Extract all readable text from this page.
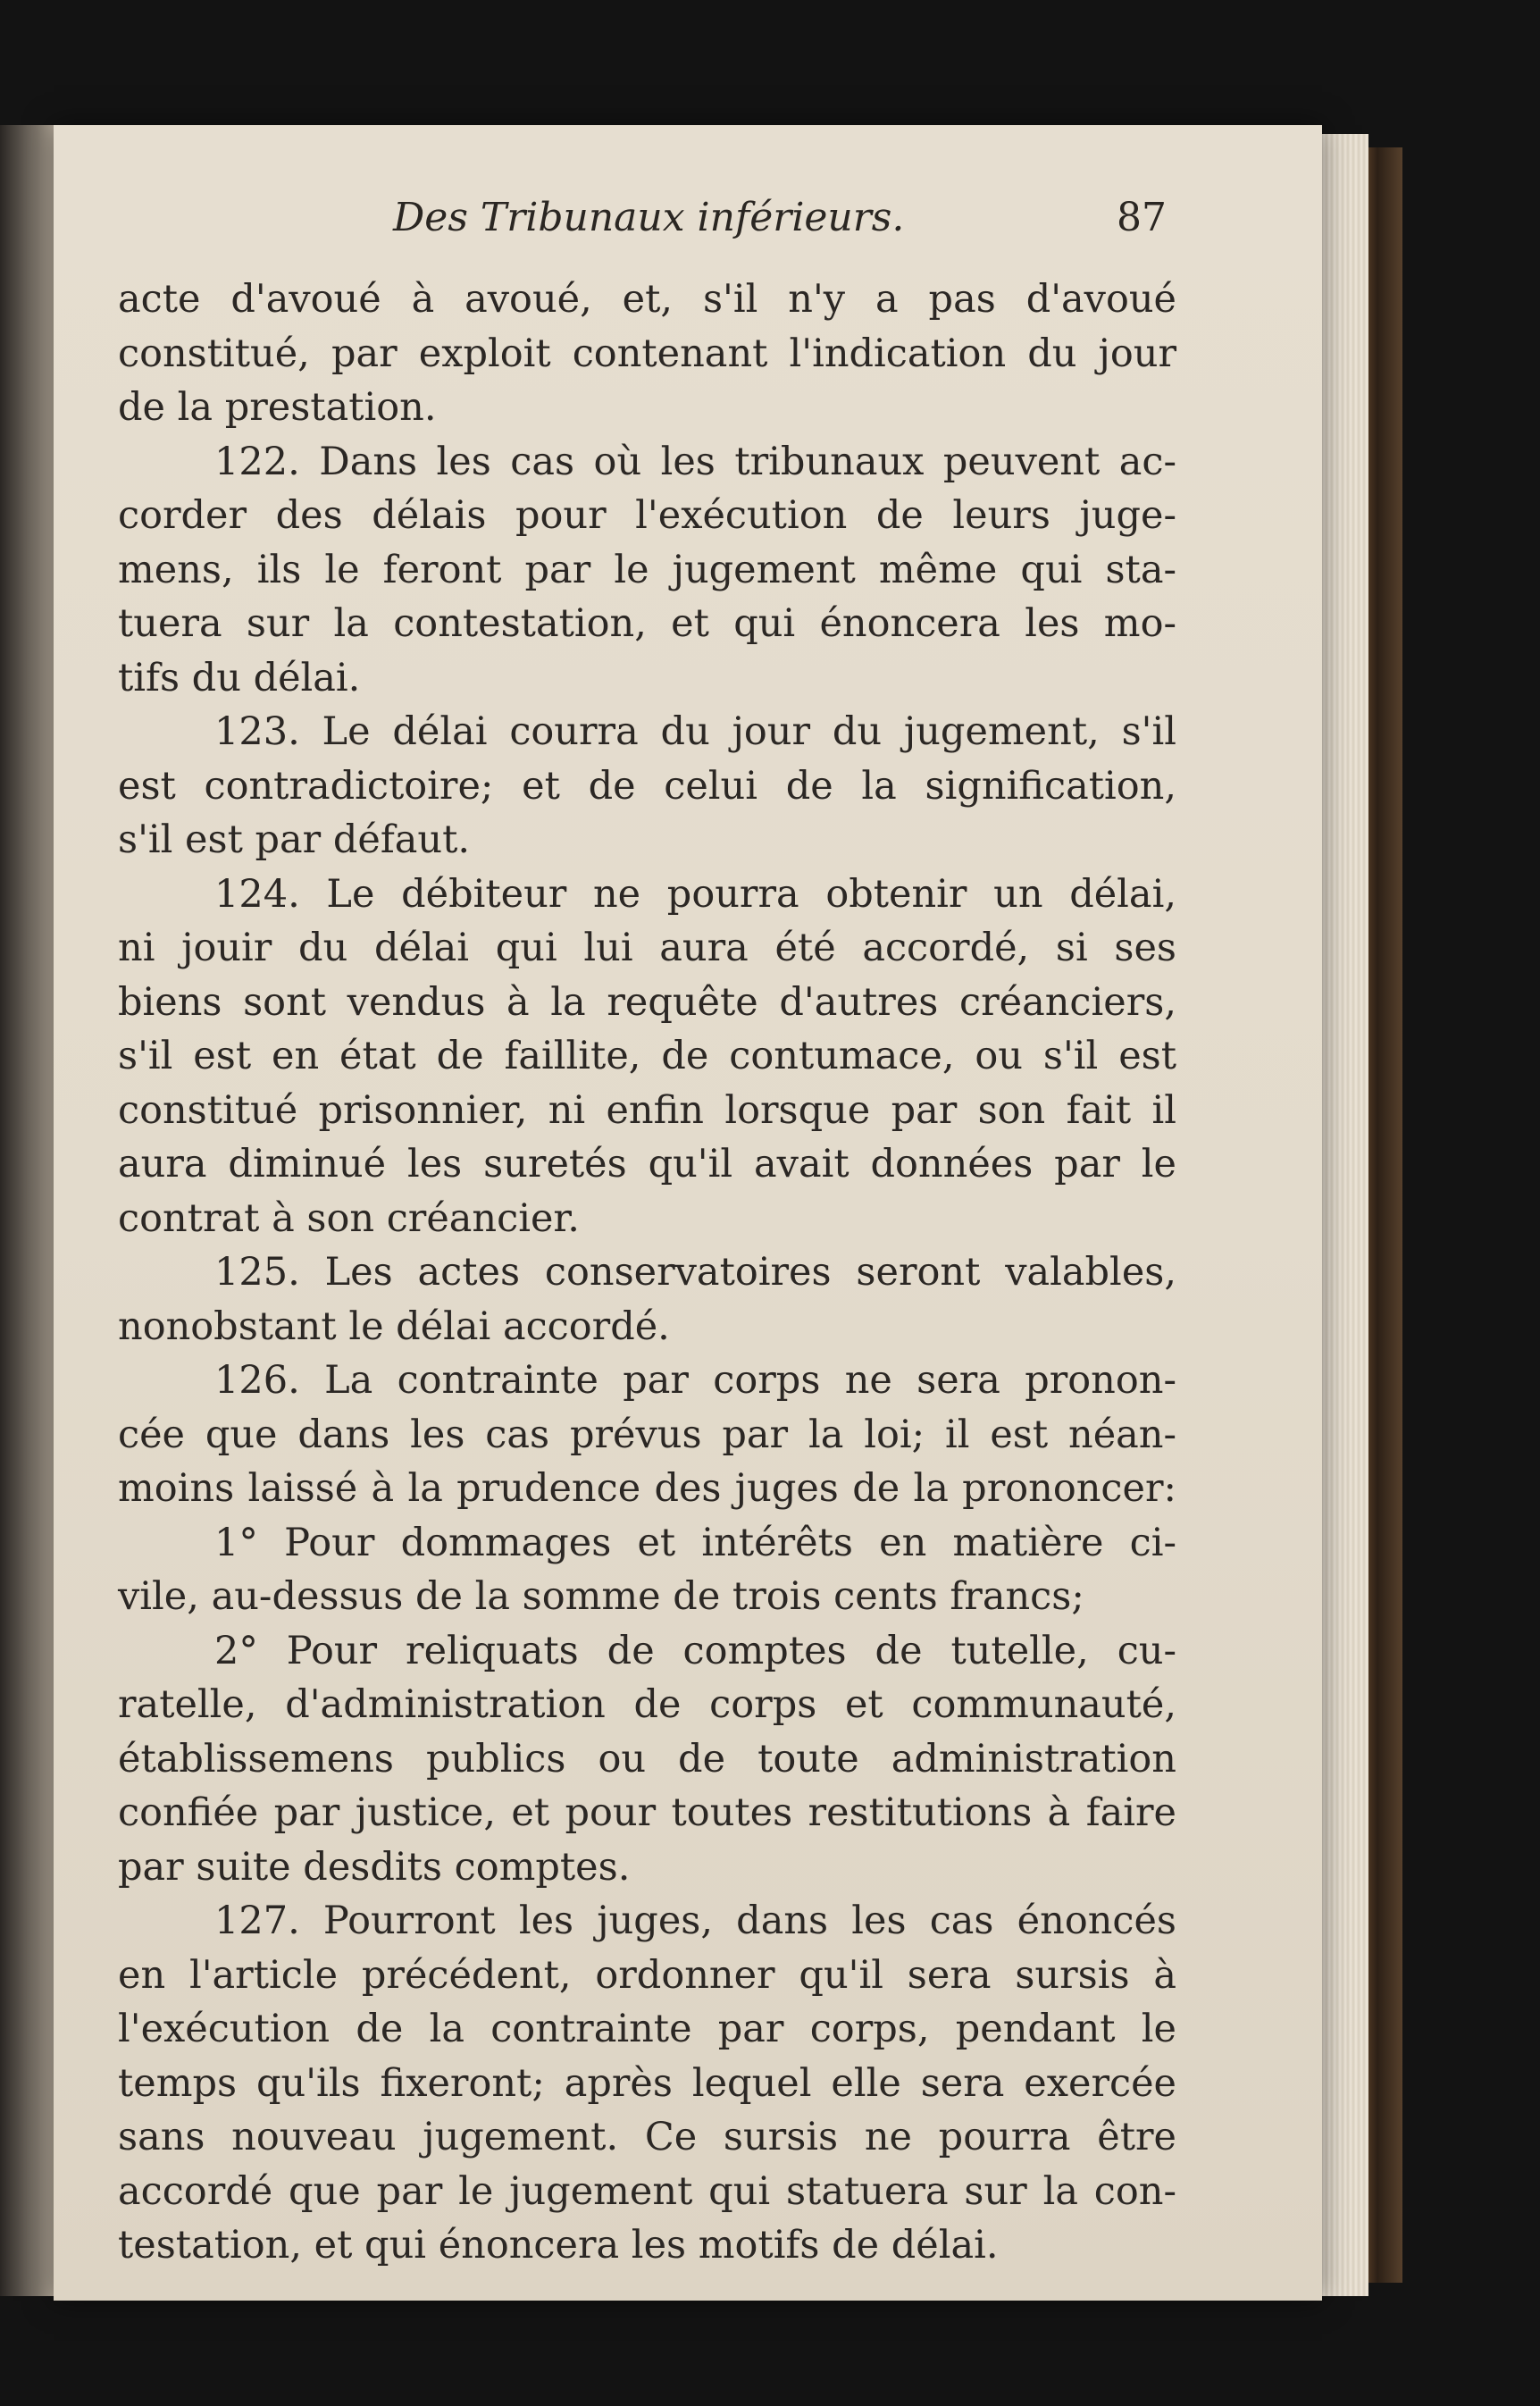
Des Tribunaux inférieurs.	87
acte d'avoué à avoué, et, s'il n'y a pas d'avoué
constitué, par exploit contenant l'indication du jour
de la prestation.
122. Dans les cas où les tribunaux peuvent ac-
corder des délais pour l'exécution de leurs juge-
mens, ils le feront par le jugement même qui sta-
tuera sur la contestation, et qui énoncera les mo-
tifs du délai.
123. Le délai courra du jour du jugement, s'il
est contradictoire; et de celui de la signification,
s'il est par défaut.
124. Le débiteur ne pourra obtenir un délai,
ni jouir du délai qui lui aura été accordé, si ses
biens sont vendus à la requête d'autres créanciers,
s'il est en état de faillite, de contumace, ou s'il est
constitué prisonnier, ni enfin lorsque par son fait il
aura diminué les suretés qu'il avait données par le
contrat à son créancier.
125. Les actes conservatoires seront valables,
nonobstant le délai accordé.
126. La contrainte par corps ne sera pronon-
cée que dans les cas prévus par la loi; il est néan-
moins laissé à la prudence des juges de la prononcer:
1° Pour dommages et intérêts en matière ci-
vile, au-dessus de la somme de trois cents francs;
2° Pour reliquats de comptes de tutelle, cu-
ratelle, d'administration de corps et communauté,
établissemens publics ou de toute administration
confiée par justice, et pour toutes restitutions à faire
par suite desdits comptes.
127. Pourront les juges, dans les cas énoncés
en l'article précédent, ordonner qu'il sera sursis à
l'exécution de la contrainte par corps, pendant le
temps qu'ils fixeront; après lequel elle sera exercée
sans nouveau jugement. Ce sursis ne pourra être
accordé que par le jugement qui statuera sur la con-
testation, et qui énoncera les motifs de délai.
